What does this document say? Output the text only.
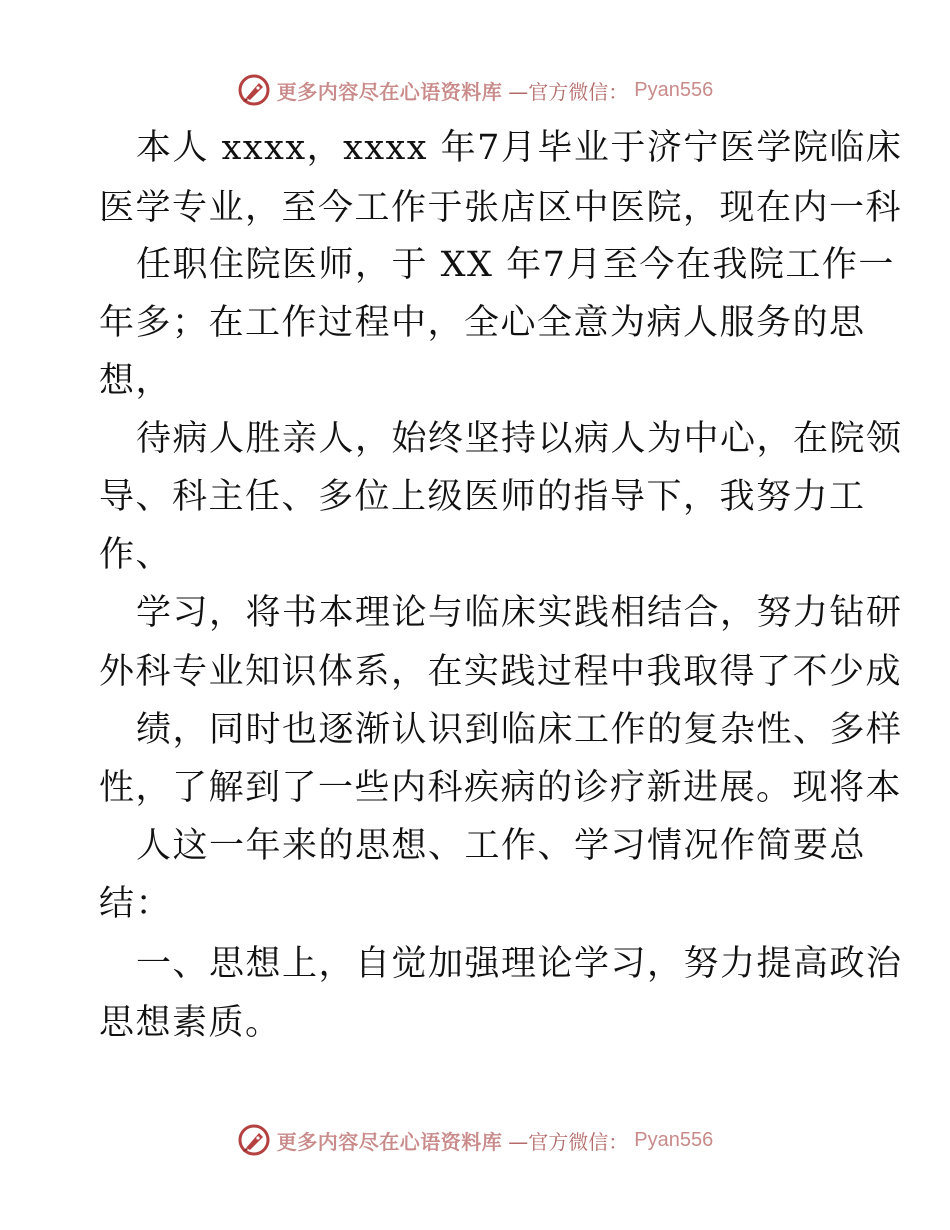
更多内容尽在心语资料库 —官方微信： Pyan556
本人 xxxx，xxxx 年7月毕业于济宁医学院临床
医学专业，至今工作于张店区中医院，现在内一科
任职住院医师，于 XX 年7月至今在我院工作一
年多；在工作过程中，全心全意为病人服务的思
想，
待病人胜亲人，始终坚持以病人为中心，在院领
导、科主任、多位上级医师的指导下，我努力工
作、
学习，将书本理论与临床实践相结合，努力钻研
外科专业知识体系，在实践过程中我取得了不少成
绩，同时也逐渐认识到临床工作的复杂性、多样
性，了解到了一些内科疾病的诊疗新进展。现将本
人这一年来的思想、工作、学习情况作简要总
结：
一、思想上，自觉加强理论学习，努力提高政治
思想素质。
更多内容尽在心语资料库 —官方微信： Pyan556
